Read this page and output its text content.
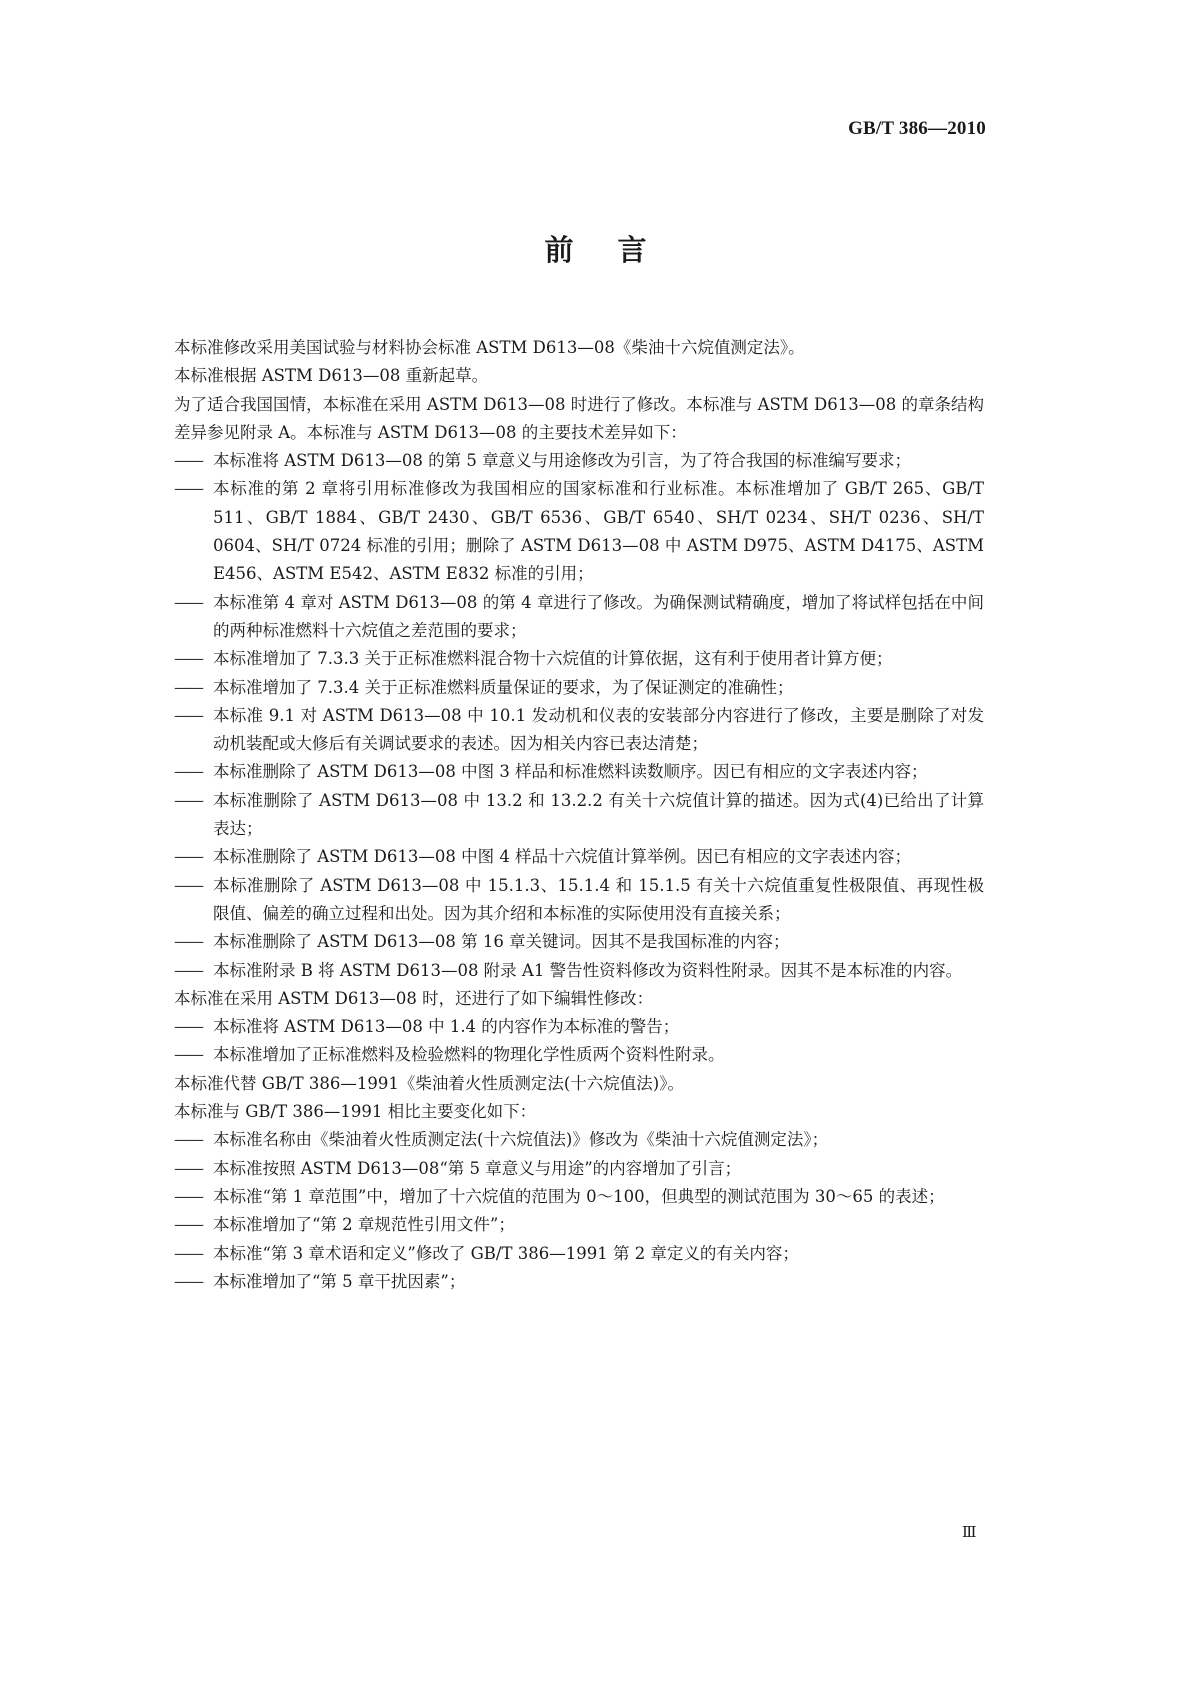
GB/T 386—2010
前言

本标准修改采用美国试验与材料协会标准 ASTM D613—08《柴油十六烷值测定法》。

本标准根据 ASTM D613—08 重新起草。

为了适合我国国情，本标准在采用 ASTM D613—08 时进行了修改。本标准与 ASTM D613—08 的章条结构差异参见附录 A。本标准与 ASTM D613—08 的主要技术差异如下：

—— 本标准将 ASTM D613—08 的第 5 章意义与用途修改为引言，为了符合我国的标准编写要求；
—— 本标准的第 2 章将引用标准修改为我国相应的国家标准和行业标准。本标准增加了 GB/T 265、GB/T 511、GB/T 1884、GB/T 2430、GB/T 6536、GB/T 6540、SH/T 0234、SH/T 0236、SH/T 0604、SH/T 0724 标准的引用；删除了 ASTM D613—08 中 ASTM D975、ASTM D4175、ASTM E456、ASTM E542、ASTM E832 标准的引用；
—— 本标准第 4 章对 ASTM D613—08 的第 4 章进行了修改。为确保测试精确度，增加了将试样包括在中间的两种标准燃料十六烷值之差范围的要求；
—— 本标准增加了 7.3.3 关于正标准燃料混合物十六烷值的计算依据，这有利于使用者计算方便；
—— 本标准增加了 7.3.4 关于正标准燃料质量保证的要求，为了保证测定的准确性；
—— 本标准 9.1 对 ASTM D613—08 中 10.1 发动机和仪表的安装部分内容进行了修改，主要是删除了对发动机装配或大修后有关调试要求的表述。因为相关内容已表达清楚；
—— 本标准删除了 ASTM D613—08 中图 3 样品和标准燃料读数顺序。因已有相应的文字表述内容；
—— 本标准删除了 ASTM D613—08 中 13.2 和 13.2.2 有关十六烷值计算的描述。因为式(4)已给出了计算表达；
—— 本标准删除了 ASTM D613—08 中图 4 样品十六烷值计算举例。因已有相应的文字表述内容；
—— 本标准删除了 ASTM D613—08 中 15.1.3、15.1.4 和 15.1.5 有关十六烷值重复性极限值、再现性极限值、偏差的确立过程和出处。因为其介绍和本标准的实际使用没有直接关系；
—— 本标准删除了 ASTM D613—08 第 16 章关键词。因其不是我国标准的内容；
—— 本标准附录 B 将 ASTM D613—08 附录 A1 警告性资料修改为资料性附录。因其不是本标准的内容。

本标准在采用 ASTM D613—08 时，还进行了如下编辑性修改：

—— 本标准将 ASTM D613—08 中 1.4 的内容作为本标准的警告；
—— 本标准增加了正标准燃料及检验燃料的物理化学性质两个资料性附录。

本标准代替 GB/T 386—1991《柴油着火性质测定法(十六烷值法)》。

本标准与 GB/T 386—1991 相比主要变化如下：

—— 本标准名称由《柴油着火性质测定法(十六烷值法)》修改为《柴油十六烷值测定法》；
—— 本标准按照 ASTM D613—08“第 5 章意义与用途”的内容增加了引言；
—— 本标准“第 1 章范围”中，增加了十六烷值的范围为 0～100，但典型的测试范围为 30～65 的表述；
—— 本标准增加了“第 2 章规范性引用文件”；
—— 本标准“第 3 章术语和定义”修改了 GB/T 386—1991 第 2 章定义的有关内容；
—— 本标准增加了“第 5 章干扰因素”；
Ⅲ
